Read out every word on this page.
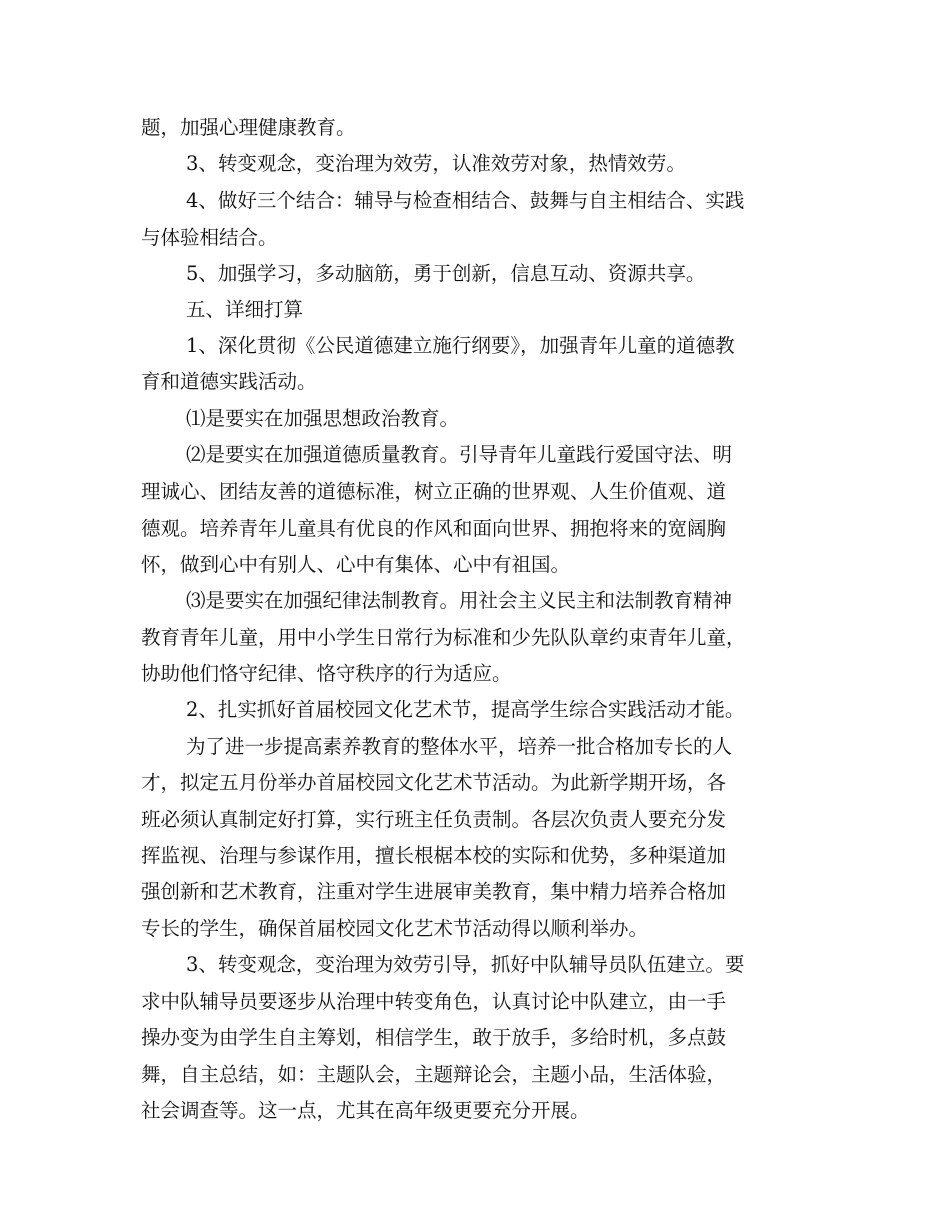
题，加强心理健康教育。
3、转变观念，变治理为效劳，认准效劳对象，热情效劳。
4、做好三个结合：辅导与检查相结合、鼓舞与自主相结合、实践
与体验相结合。
5、加强学习，多动脑筋，勇于创新，信息互动、资源共享。
五、详细打算
1、深化贯彻《公民道德建立施行纲要》，加强青年儿童的道德教
育和道德实践活动。
⑴是要实在加强思想政治教育。
⑵是要实在加强道德质量教育。引导青年儿童践行爱国守法、明
理诚心、团结友善的道德标准，树立正确的世界观、人生价值观、道
德观。培养青年儿童具有优良的作风和面向世界、拥抱将来的宽阔胸
怀，做到心中有别人、心中有集体、心中有祖国。
⑶是要实在加强纪律法制教育。用社会主义民主和法制教育精神
教育青年儿童，用中小学生日常行为标准和少先队队章约束青年儿童，
协助他们恪守纪律、恪守秩序的行为适应。
2、扎实抓好首届校园文化艺术节，提高学生综合实践活动才能。
为了进一步提高素养教育的整体水平，培养一批合格加专长的人
才，拟定五月份举办首届校园文化艺术节活动。为此新学期开场，各
班必须认真制定好打算，实行班主任负责制。各层次负责人要充分发
挥监视、治理与参谋作用，擅长根椐本校的实际和优势，多种渠道加
强创新和艺术教育，注重对学生进展审美教育，集中精力培养合格加
专长的学生，确保首届校园文化艺术节活动得以顺利举办。
3、转变观念，变治理为效劳引导，抓好中队辅导员队伍建立。要
求中队辅导员要逐步从治理中转变角色，认真讨论中队建立，由一手
操办变为由学生自主筹划，相信学生，敢于放手，多给时机，多点鼓
舞，自主总结，如：主题队会，主题辩论会，主题小品，生活体验，
社会调查等。这一点，尤其在高年级更要充分开展。
